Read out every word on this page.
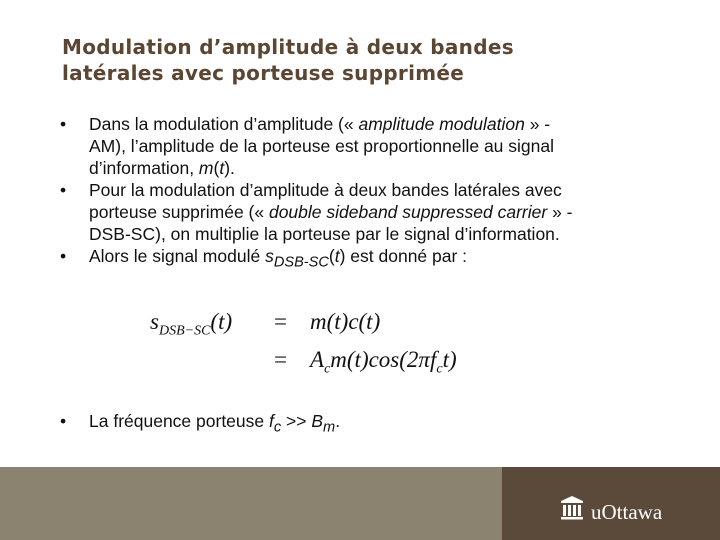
Modulation d’amplitude à deux bandes
latérales avec porteuse supprimée
• Dans la modulation d’amplitude (« amplitude modulation » -
AM), l’amplitude de la porteuse est proportionnelle au signal
d’information, m(t).
• Pour la modulation d’amplitude à deux bandes latérales avec
porteuse supprimée (« double sideband suppressed carrier » -
DSB-SC), on multiplie la porteuse par le signal d’information.
• Alors le signal modulé $s_{DSB-SC}(t)$ est donné par :
• La fréquence porteuse $f_c >> B_m$.
$s_{DSB-SC}(t) = m(t)c(t)$
= $A_cm(t)\cos(2\pi f_ct)$
uOttawa
